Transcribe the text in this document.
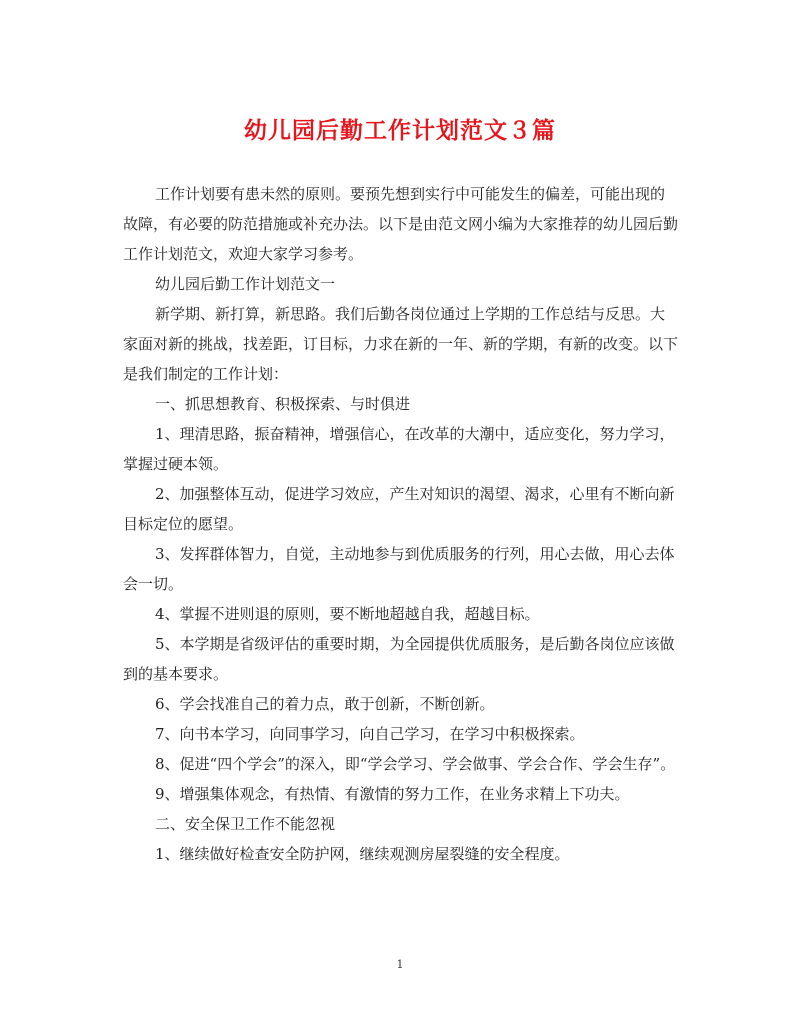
幼儿园后勤工作计划范文３篇

工作计划要有患未然的原则。要预先想到实行中可能发生的偏差，可能出现的故障，有必要的防范措施或补充办法。以下是由范文网小编为大家推荐的幼儿园后勤工作计划范文，欢迎大家学习参考。

幼儿园后勤工作计划范文一

新学期、新打算，新思路。我们后勤各岗位通过上学期的工作总结与反思。大家面对新的挑战，找差距，订目标，力求在新的一年、新的学期，有新的改变。以下是我们制定的工作计划：

一、抓思想教育、积极探索、与时俱进

1、理清思路，振奋精神，增强信心，在改革的大潮中，适应变化，努力学习，掌握过硬本领。

2、加强整体互动，促进学习效应，产生对知识的渴望、渴求，心里有不断向新目标定位的愿望。

3、发挥群体智力，自觉，主动地参与到优质服务的行列，用心去做，用心去体会一切。

4、掌握不进则退的原则，要不断地超越自我，超越目标。

5、本学期是省级评估的重要时期，为全园提供优质服务，是后勤各岗位应该做到的基本要求。

6、学会找准自己的着力点，敢于创新，不断创新。

7、向书本学习，向同事学习，向自己学习，在学习中积极探索。

8、促进“四个学会”的深入，即“学会学习、学会做事、学会合作、学会生存”。

9、增强集体观念，有热情、有激情的努力工作，在业务求精上下功夫。

二、安全保卫工作不能忽视

1、继续做好检查安全防护网，继续观测房屋裂缝的安全程度。

1
